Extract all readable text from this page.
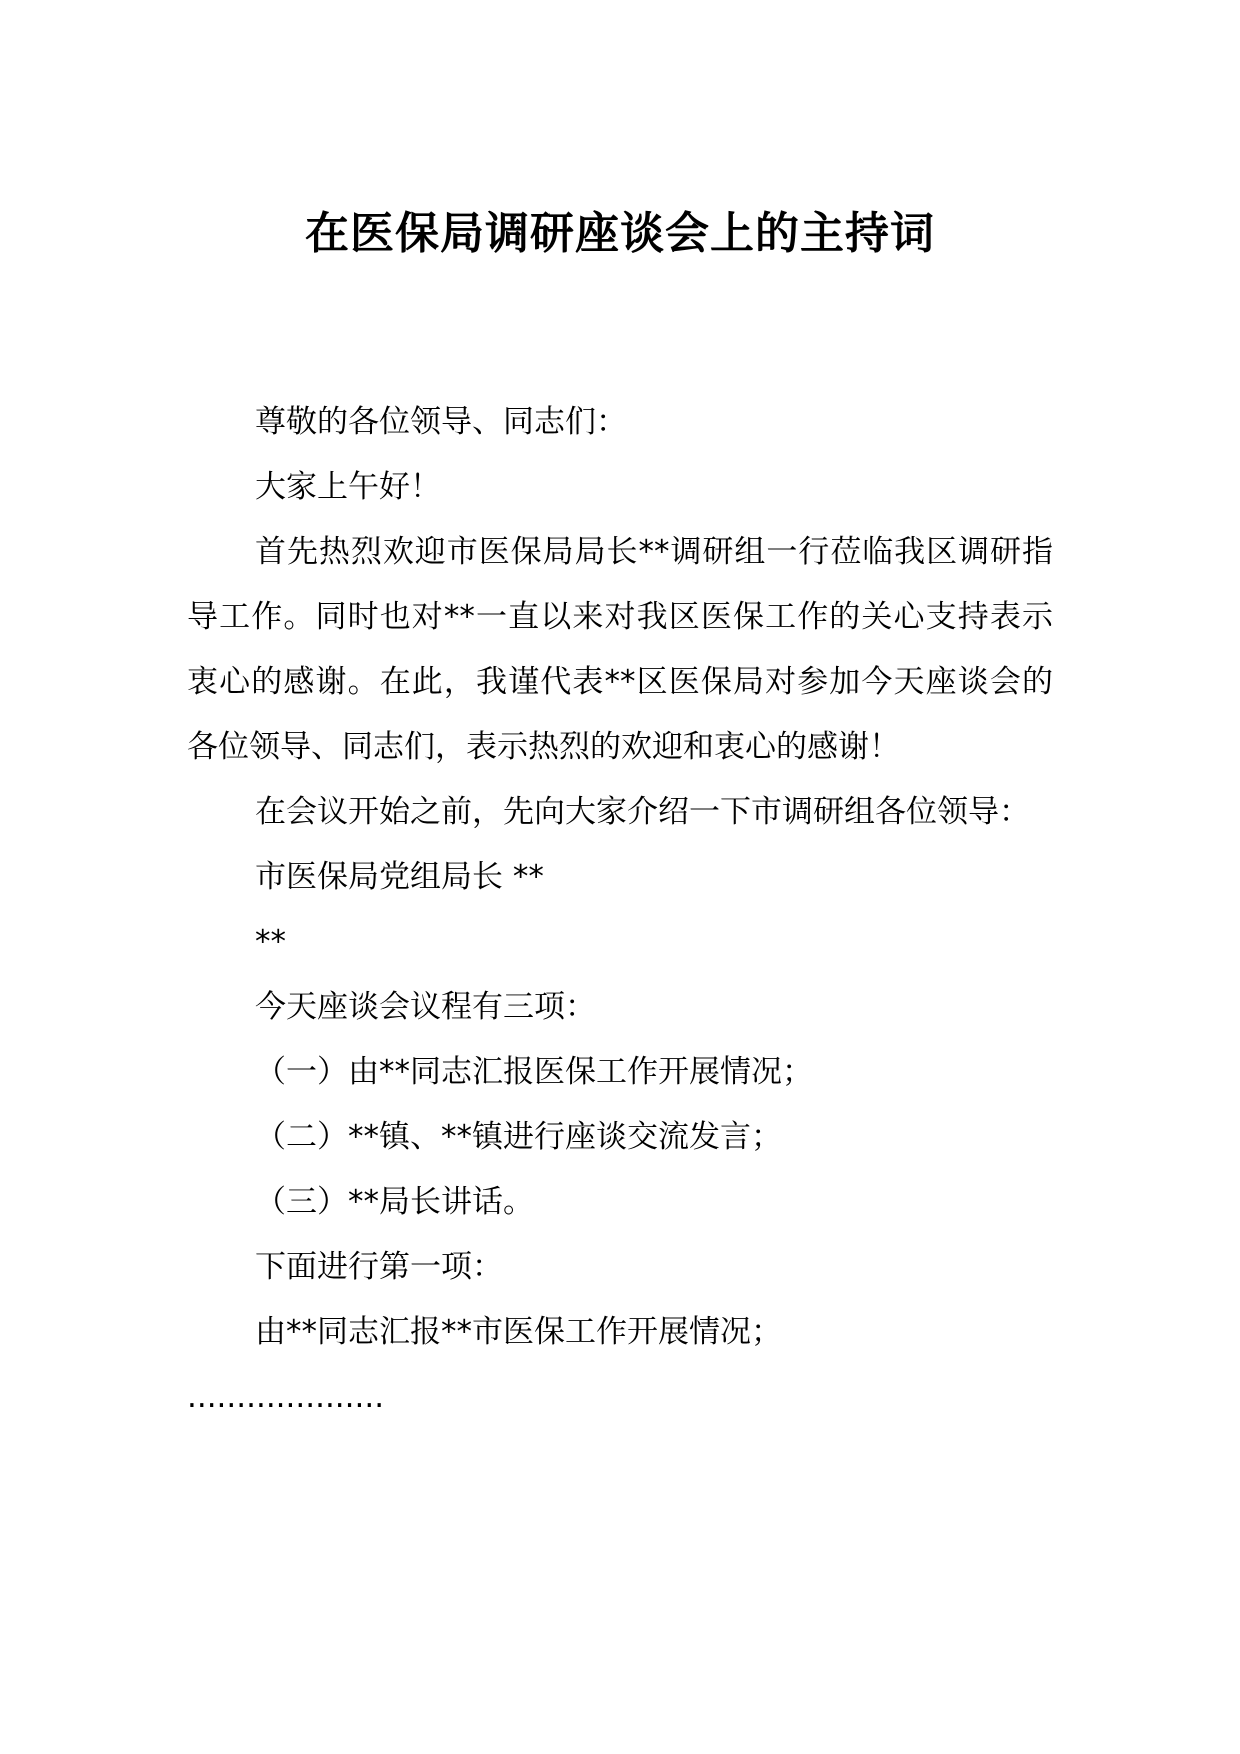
在医保局调研座谈会上的主持词

尊敬的各位领导、同志们：

大家上午好！

首先热烈欢迎市医保局局长**调研组一行莅临我区调研指导工作。同时也对**一直以来对我区医保工作的关心支持表示衷心的感谢。在此，我谨代表**区医保局对参加今天座谈会的各位领导、同志们，表示热烈的欢迎和衷心的感谢！

在会议开始之前，先向大家介绍一下市调研组各位领导：

市医保局党组局长 **

**

今天座谈会议程有三项：

（一）由**同志汇报医保工作开展情况；

（二）**镇、**镇进行座谈交流发言；

（三）**局长讲话。

下面进行第一项：

由**同志汇报**市医保工作开展情况；

....................
